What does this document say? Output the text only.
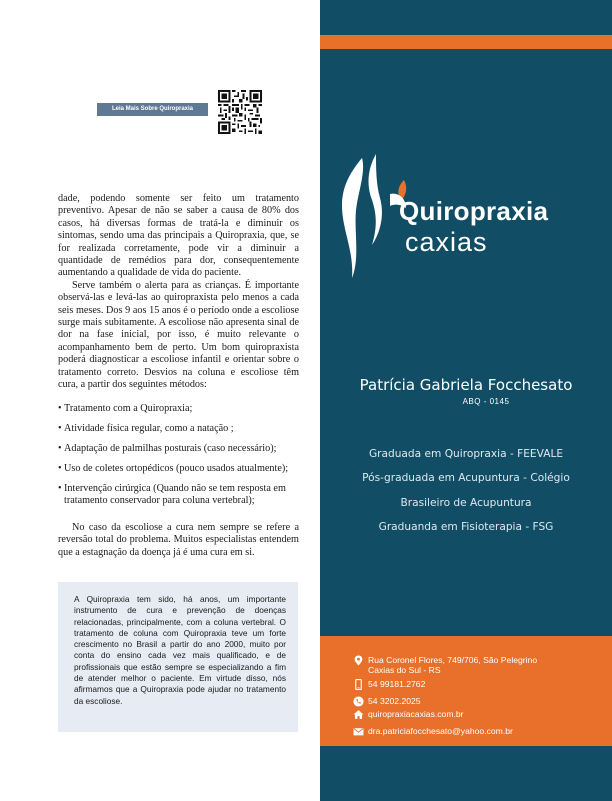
Leia Mais Sobre Quiropraxia

dade, podendo somente ser feito um tratamento preventivo. Apesar de não se saber a causa de 80% dos casos, há diversas formas de tratá-la e diminuir os sintomas, sendo uma das principais a Quiropraxia, que, se for realizada corretamente, pode vir a diminuir a quantidade de remédios para dor, consequentemente aumentando a qualidade de vida do paciente.

Serve também o alerta para as crianças. É importante observá-las e levá-las ao quiropraxista pelo menos a cada seis meses. Dos 9 aos 15 anos é o período onde a escoliose surge mais subitamente. A escoliose não apresenta sinal de dor na fase inicial, por isso, é muito relevante o acompanhamento bem de perto. Um bom quiropraxista poderá diagnosticar a escoliose infantil e orientar sobre o tratamento correto. Desvios na coluna e escoliose têm cura, a partir dos seguintes métodos:

• Tratamento com a Quiropraxia;
• Atividade física regular, como a natação ;
• Adaptação de palmilhas posturais (caso necessário);
• Uso de coletes ortopédicos (pouco usados atualmente);
• Intervenção cirúrgica (Quando não se tem resposta em tratamento conservador para coluna vertebral);

No caso da escoliose a cura nem sempre se refere a reversão total do problema. Muitos especialistas entendem que a estagnação da doença já é uma cura em si.

A Quiropraxia tem sido, há anos, um importante instrumento de cura e prevenção de doenças relacionadas, principalmente, com a coluna vertebral. O tratamento de coluna com Quiropraxia teve um forte crescimento no Brasil a partir do ano 2000, muito por conta do ensino cada vez mais qualificado, e de profissionais que estão sempre se especializando a fim de atender melhor o paciente. Em virtude disso, nós afirmamos que a Quiropraxia pode ajudar no tratamento da escoliose.
Quiropraxia
caxias
Patrícia Gabriela Focchesato
ABQ - 0145
Graduada em Quiropraxia - FEEVALE
Pós-graduada em Acupuntura - Colégio
Brasileiro de Acupuntura
Graduanda em Fisioterapia - FSG
Rua Coronel Flores, 749/706, São Pelegrino
Caxias do Sul - RS
54 99181.2762
54 3202.2025
quiropraxiacaxias.com.br
dra.patriciafocchesato@yahoo.com.br
